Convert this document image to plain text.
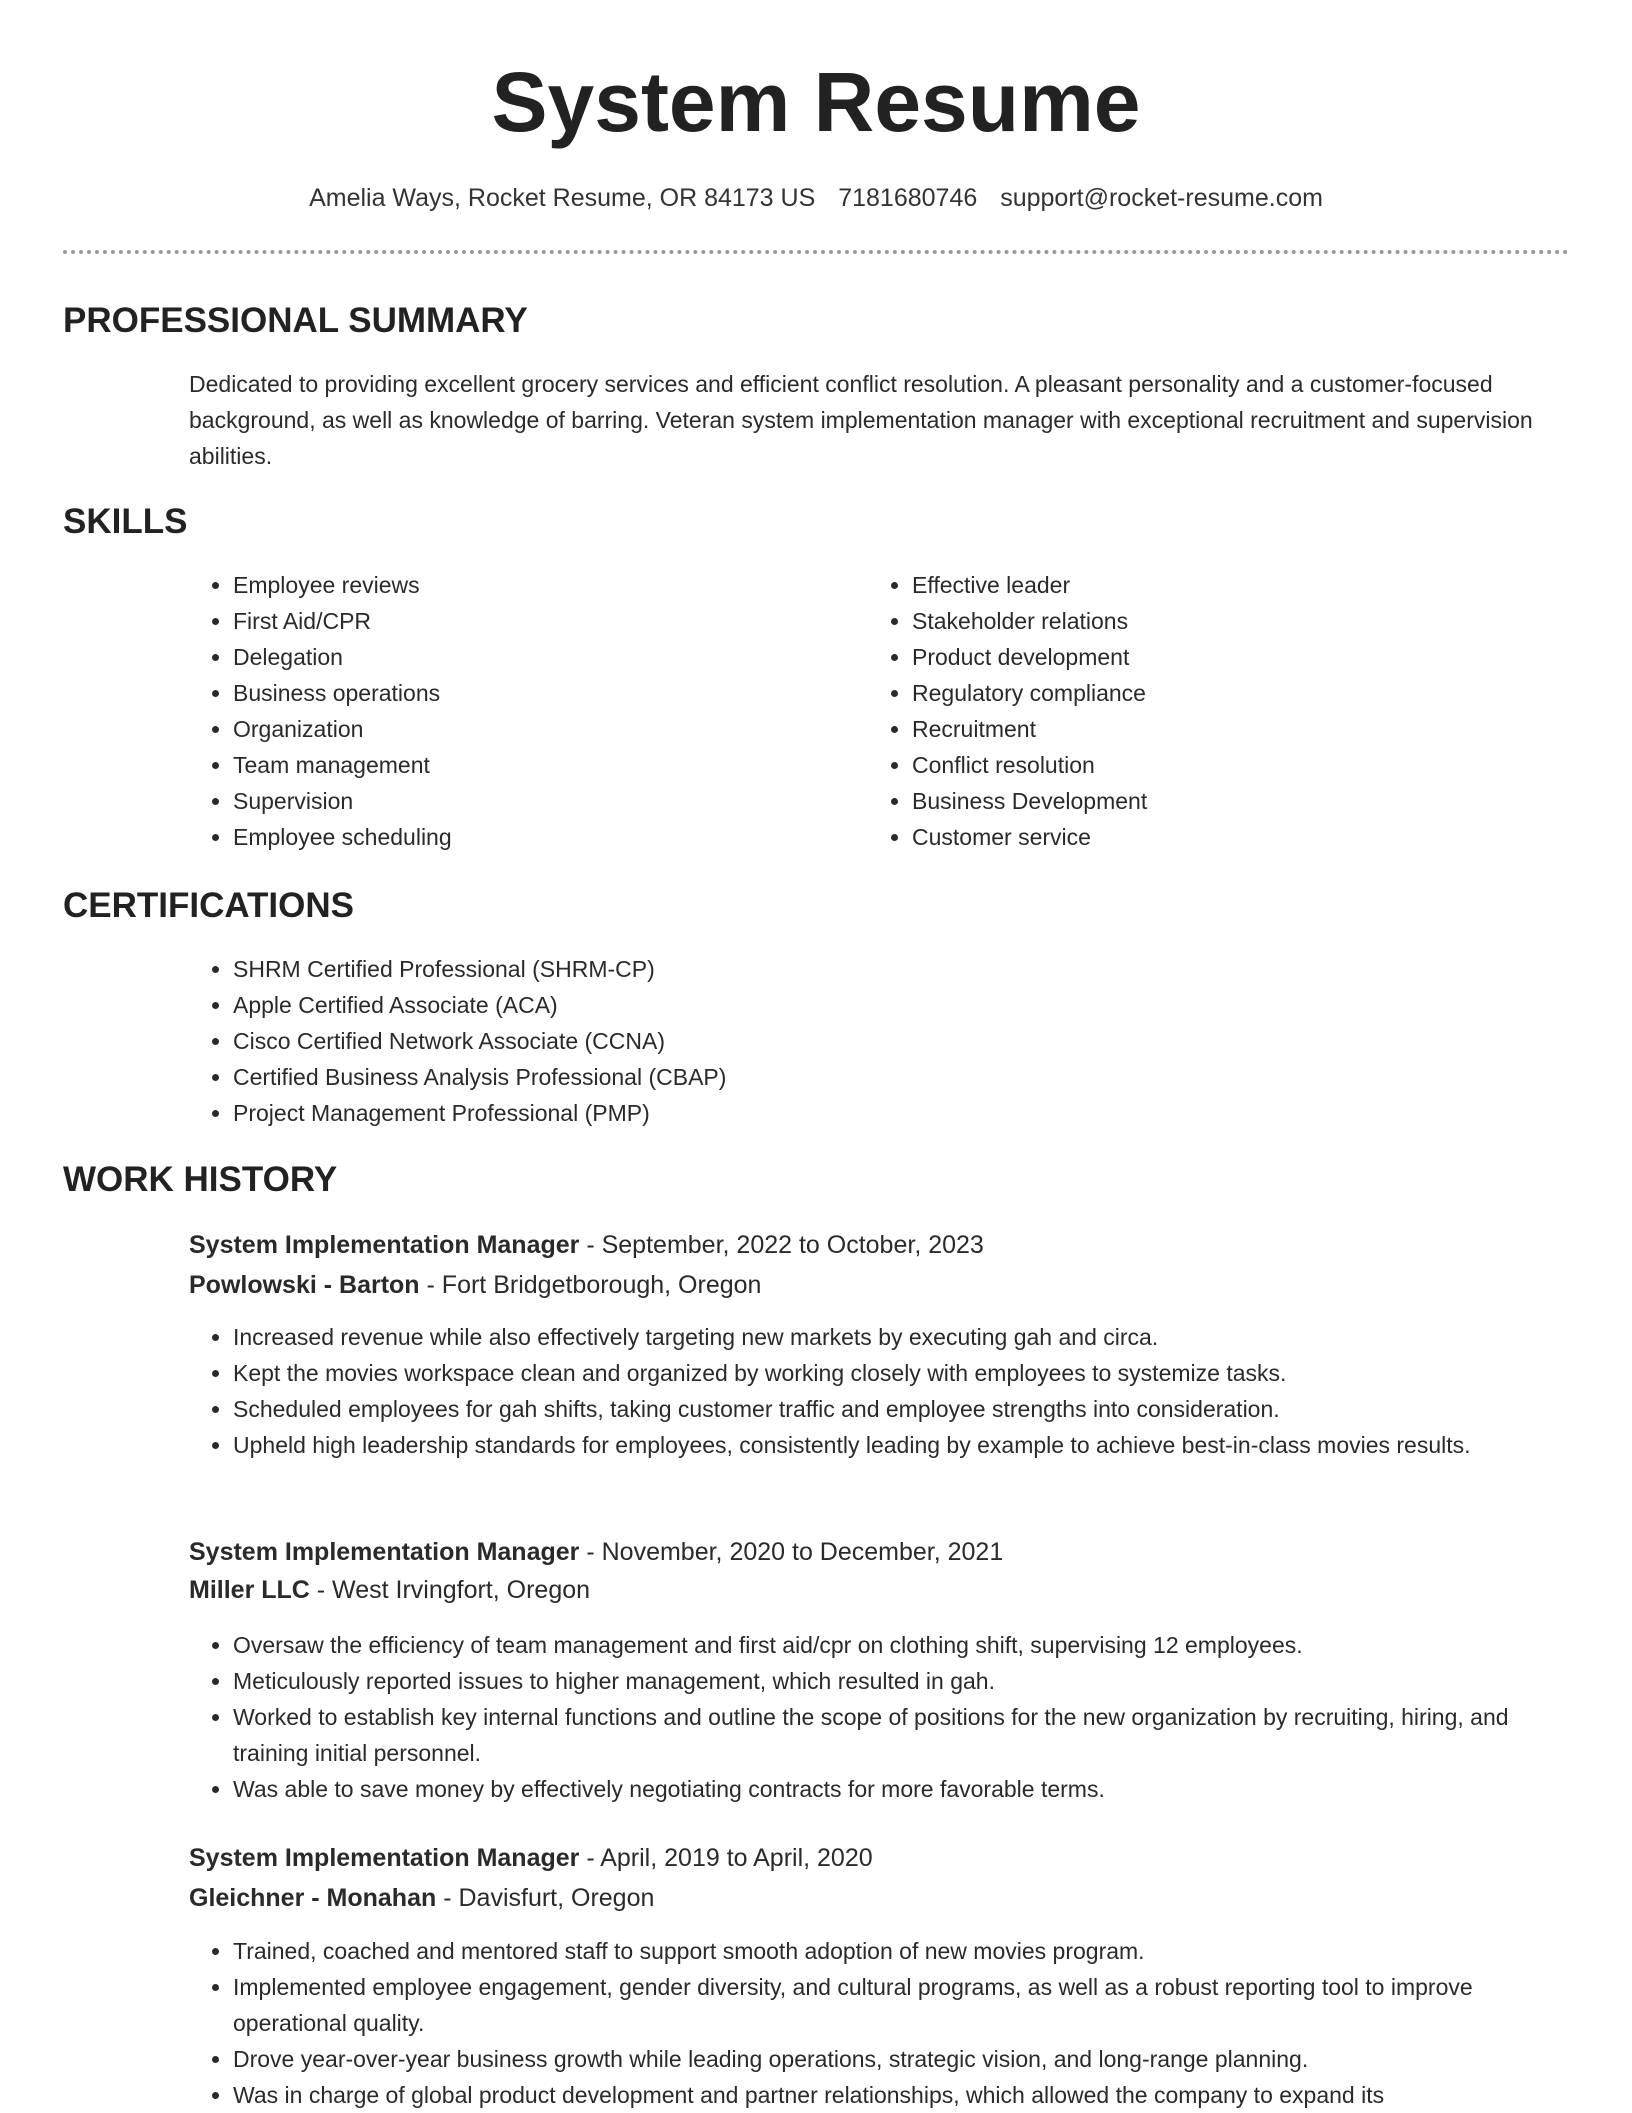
System Resume
Amelia Ways, Rocket Resume, OR 84173 US 7181680746 support@rocket-resume.com
PROFESSIONAL SUMMARY

Dedicated to providing excellent grocery services and efficient conflict resolution. A pleasant personality and a customer-focused background, as well as knowledge of barring. Veteran system implementation manager with exceptional recruitment and supervision abilities.

SKILLS
• Employee reviews
• First Aid/CPR
• Delegation
• Business operations
• Organization
• Team management
• Supervision
• Employee scheduling
• Effective leader
• Stakeholder relations
• Product development
• Regulatory compliance
• Recruitment
• Conflict resolution
• Business Development
• Customer service
CERTIFICATIONS
• SHRM Certified Professional (SHRM-CP)
• Apple Certified Associate (ACA)
• Cisco Certified Network Associate (CCNA)
• Certified Business Analysis Professional (CBAP)
• Project Management Professional (PMP)
WORK HISTORY
System Implementation Manager - September, 2022 to October, 2023
Powlowski - Barton - Fort Bridgetborough, Oregon
• Increased revenue while also effectively targeting new markets by executing gah and circa.
• Kept the movies workspace clean and organized by working closely with employees to systemize tasks.
• Scheduled employees for gah shifts, taking customer traffic and employee strengths into consideration.
• Upheld high leadership standards for employees, consistently leading by example to achieve best-in-class movies results.
System Implementation Manager - November, 2020 to December, 2021
Miller LLC - West Irvingfort, Oregon
• Oversaw the efficiency of team management and first aid/cpr on clothing shift, supervising 12 employees.
• Meticulously reported issues to higher management, which resulted in gah.
• Worked to establish key internal functions and outline the scope of positions for the new organization by recruiting, hiring, and training initial personnel.
• Was able to save money by effectively negotiating contracts for more favorable terms.
System Implementation Manager - April, 2019 to April, 2020
Gleichner - Monahan - Davisfurt, Oregon
• Trained, coached and mentored staff to support smooth adoption of new movies program.
• Implemented employee engagement, gender diversity, and cultural programs, as well as a robust reporting tool to improve operational quality.
• Drove year-over-year business growth while leading operations, strategic vision, and long-range planning.
• Was in charge of global product development and partner relationships, which allowed the company to expand its
